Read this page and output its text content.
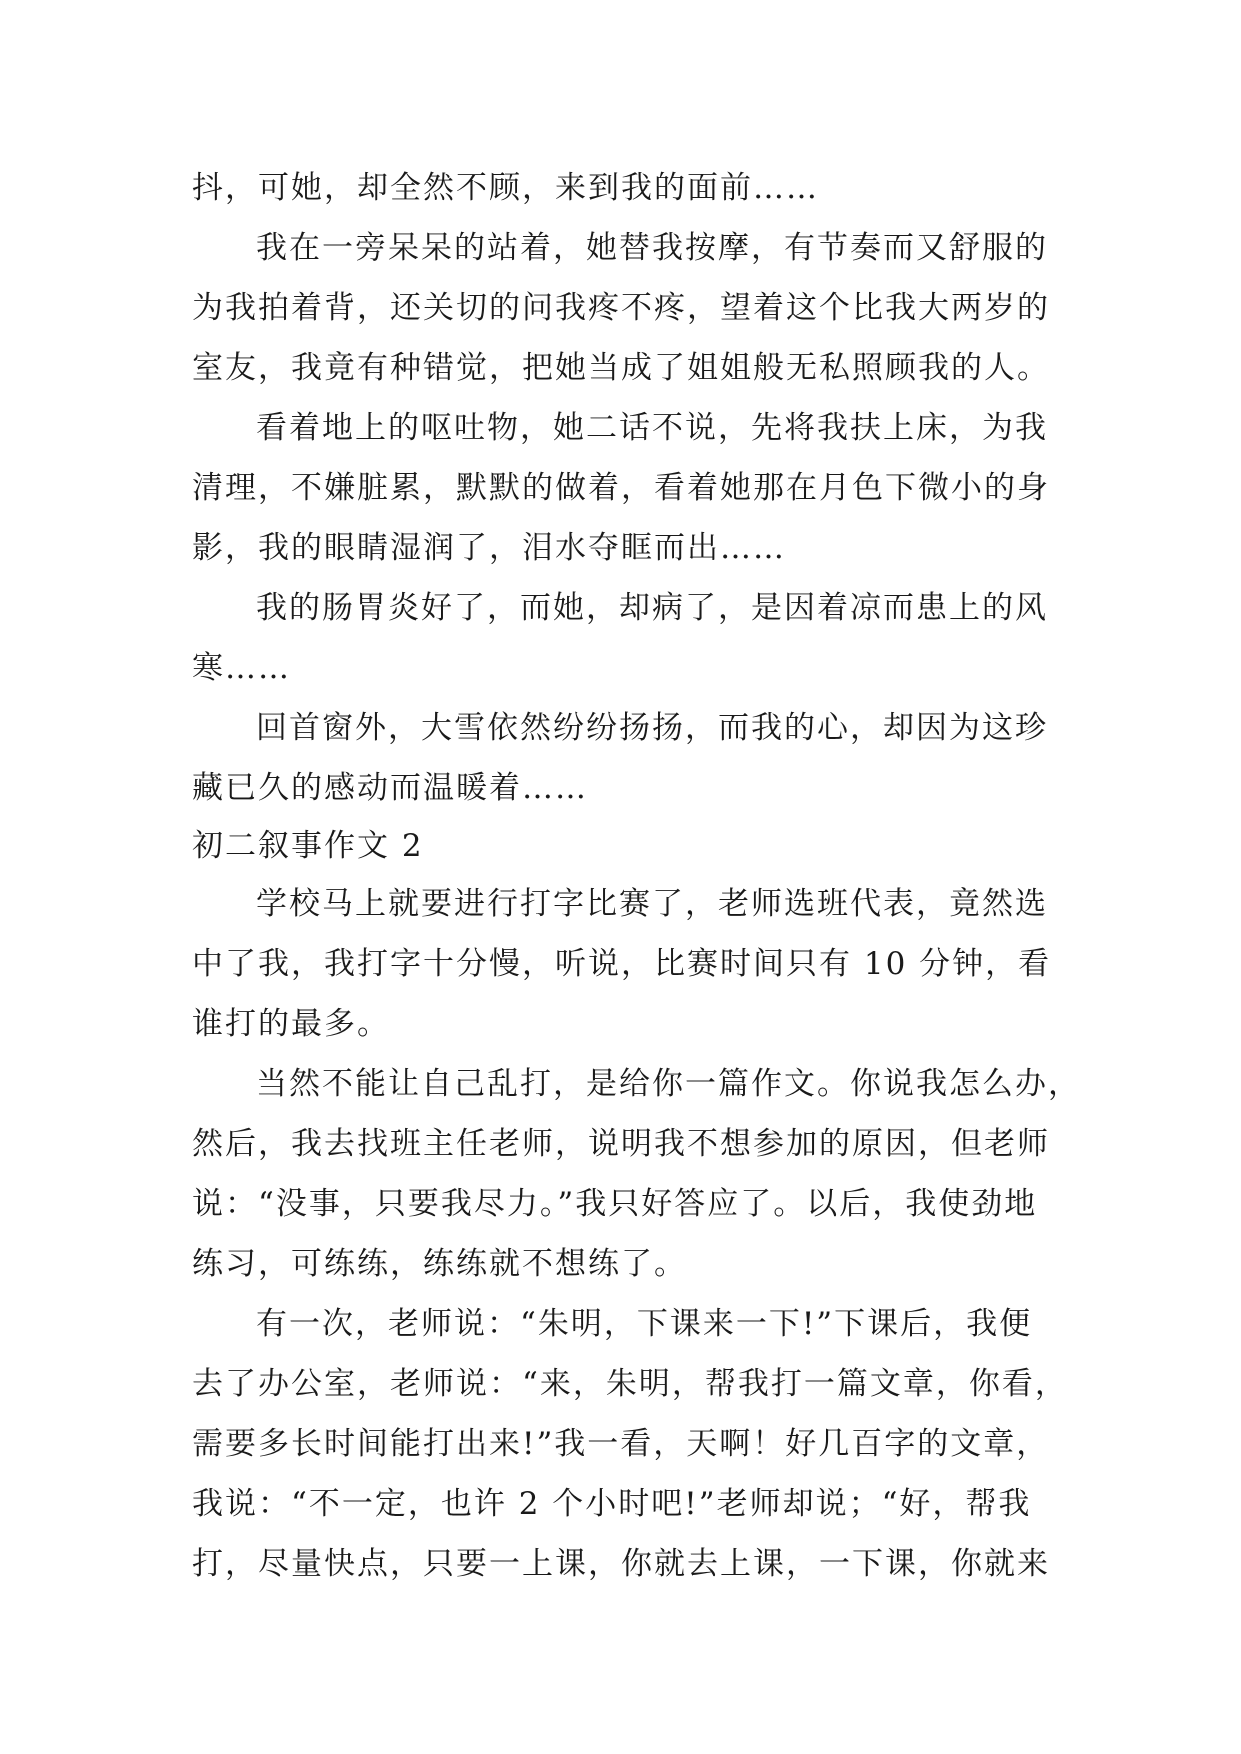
抖，可她，却全然不顾，来到我的面前……
我在一旁呆呆的站着，她替我按摩，有节奏而又舒服的
为我拍着背，还关切的问我疼不疼，望着这个比我大两岁的
室友，我竟有种错觉，把她当成了姐姐般无私照顾我的人。
看着地上的呕吐物，她二话不说，先将我扶上床，为我
清理，不嫌脏累，默默的做着，看着她那在月色下微小的身
影，我的眼睛湿润了，泪水夺眶而出……
我的肠胃炎好了，而她，却病了，是因着凉而患上的风
寒……
回首窗外，大雪依然纷纷扬扬，而我的心，却因为这珍
藏已久的感动而温暖着……
初二叙事作文 2
学校马上就要进行打字比赛了，老师选班代表，竟然选
中了我，我打字十分慢，听说，比赛时间只有 10 分钟，看
谁打的最多。
当然不能让自己乱打，是给你一篇作文。你说我怎么办，
然后，我去找班主任老师，说明我不想参加的原因，但老师
说：“没事，只要我尽力。”我只好答应了。以后，我使劲地
练习，可练练，练练就不想练了。
有一次，老师说：“朱明，下课来一下!”下课后，我便
去了办公室，老师说：“来，朱明，帮我打一篇文章，你看，
需要多长时间能打出来!”我一看，天啊！好几百字的文章，
我说：“不一定，也许 2 个小时吧!”老师却说；“好，帮我
打，尽量快点，只要一上课，你就去上课，一下课，你就来
